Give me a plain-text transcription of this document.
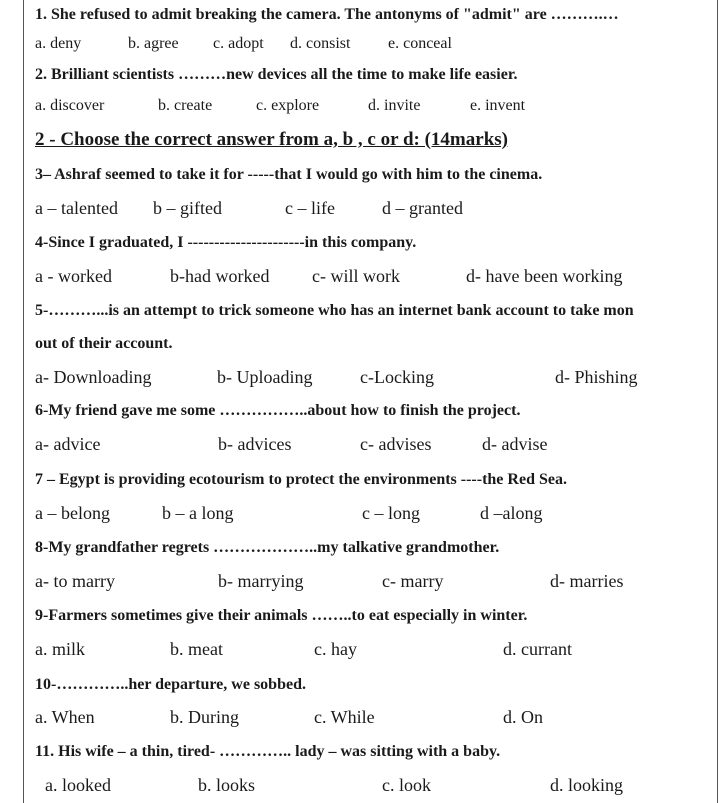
1. She refused to admit breaking the camera. The antonyms of "admit" are ……….…
a. deny	b. agree c. adopt d. consist e. conceal
2. Brilliant scientists ………new devices all the time to make life easier.
a. discover	b. create	c. explore	d. invite	e. invent
2 - Choose the correct answer from a, b , c or d: (14marks)
3– Ashraf seemed to take it for -----that I would go with him to the cinema.
a – talented b – gifted	c – life	d – granted
4-Since I graduated, I ----------------------in this company.
a - worked	b-had worked c- will work	d- have been working
5-………...is an attempt to trick someone who has an internet bank account to take mon
out of their account.
a- Downloading	b- Uploading	c-Locking	d- Phishing
6-My friend gave me some ……………..about how to finish the project.
a- advice	b- advices	c- advises	d- advise
7 – Egypt is providing ecotourism to protect the environments ----the Red Sea.
a – belong	b – a long	c – long	d –along
8-My grandfather regrets ………………..my talkative grandmother.
a- to marry	b- marrying	c- marry	d- marries
9-Farmers sometimes give their animals ……..to eat especially in winter.
a. milk	b. meat	c. hay	d. currant
10-…………..her departure, we sobbed.
a. When	b. During	c. While	d. On
11. His wife – a thin, tired- ………….. lady – was sitting with a baby.
a. looked	b. looks	c. look	d. looking
